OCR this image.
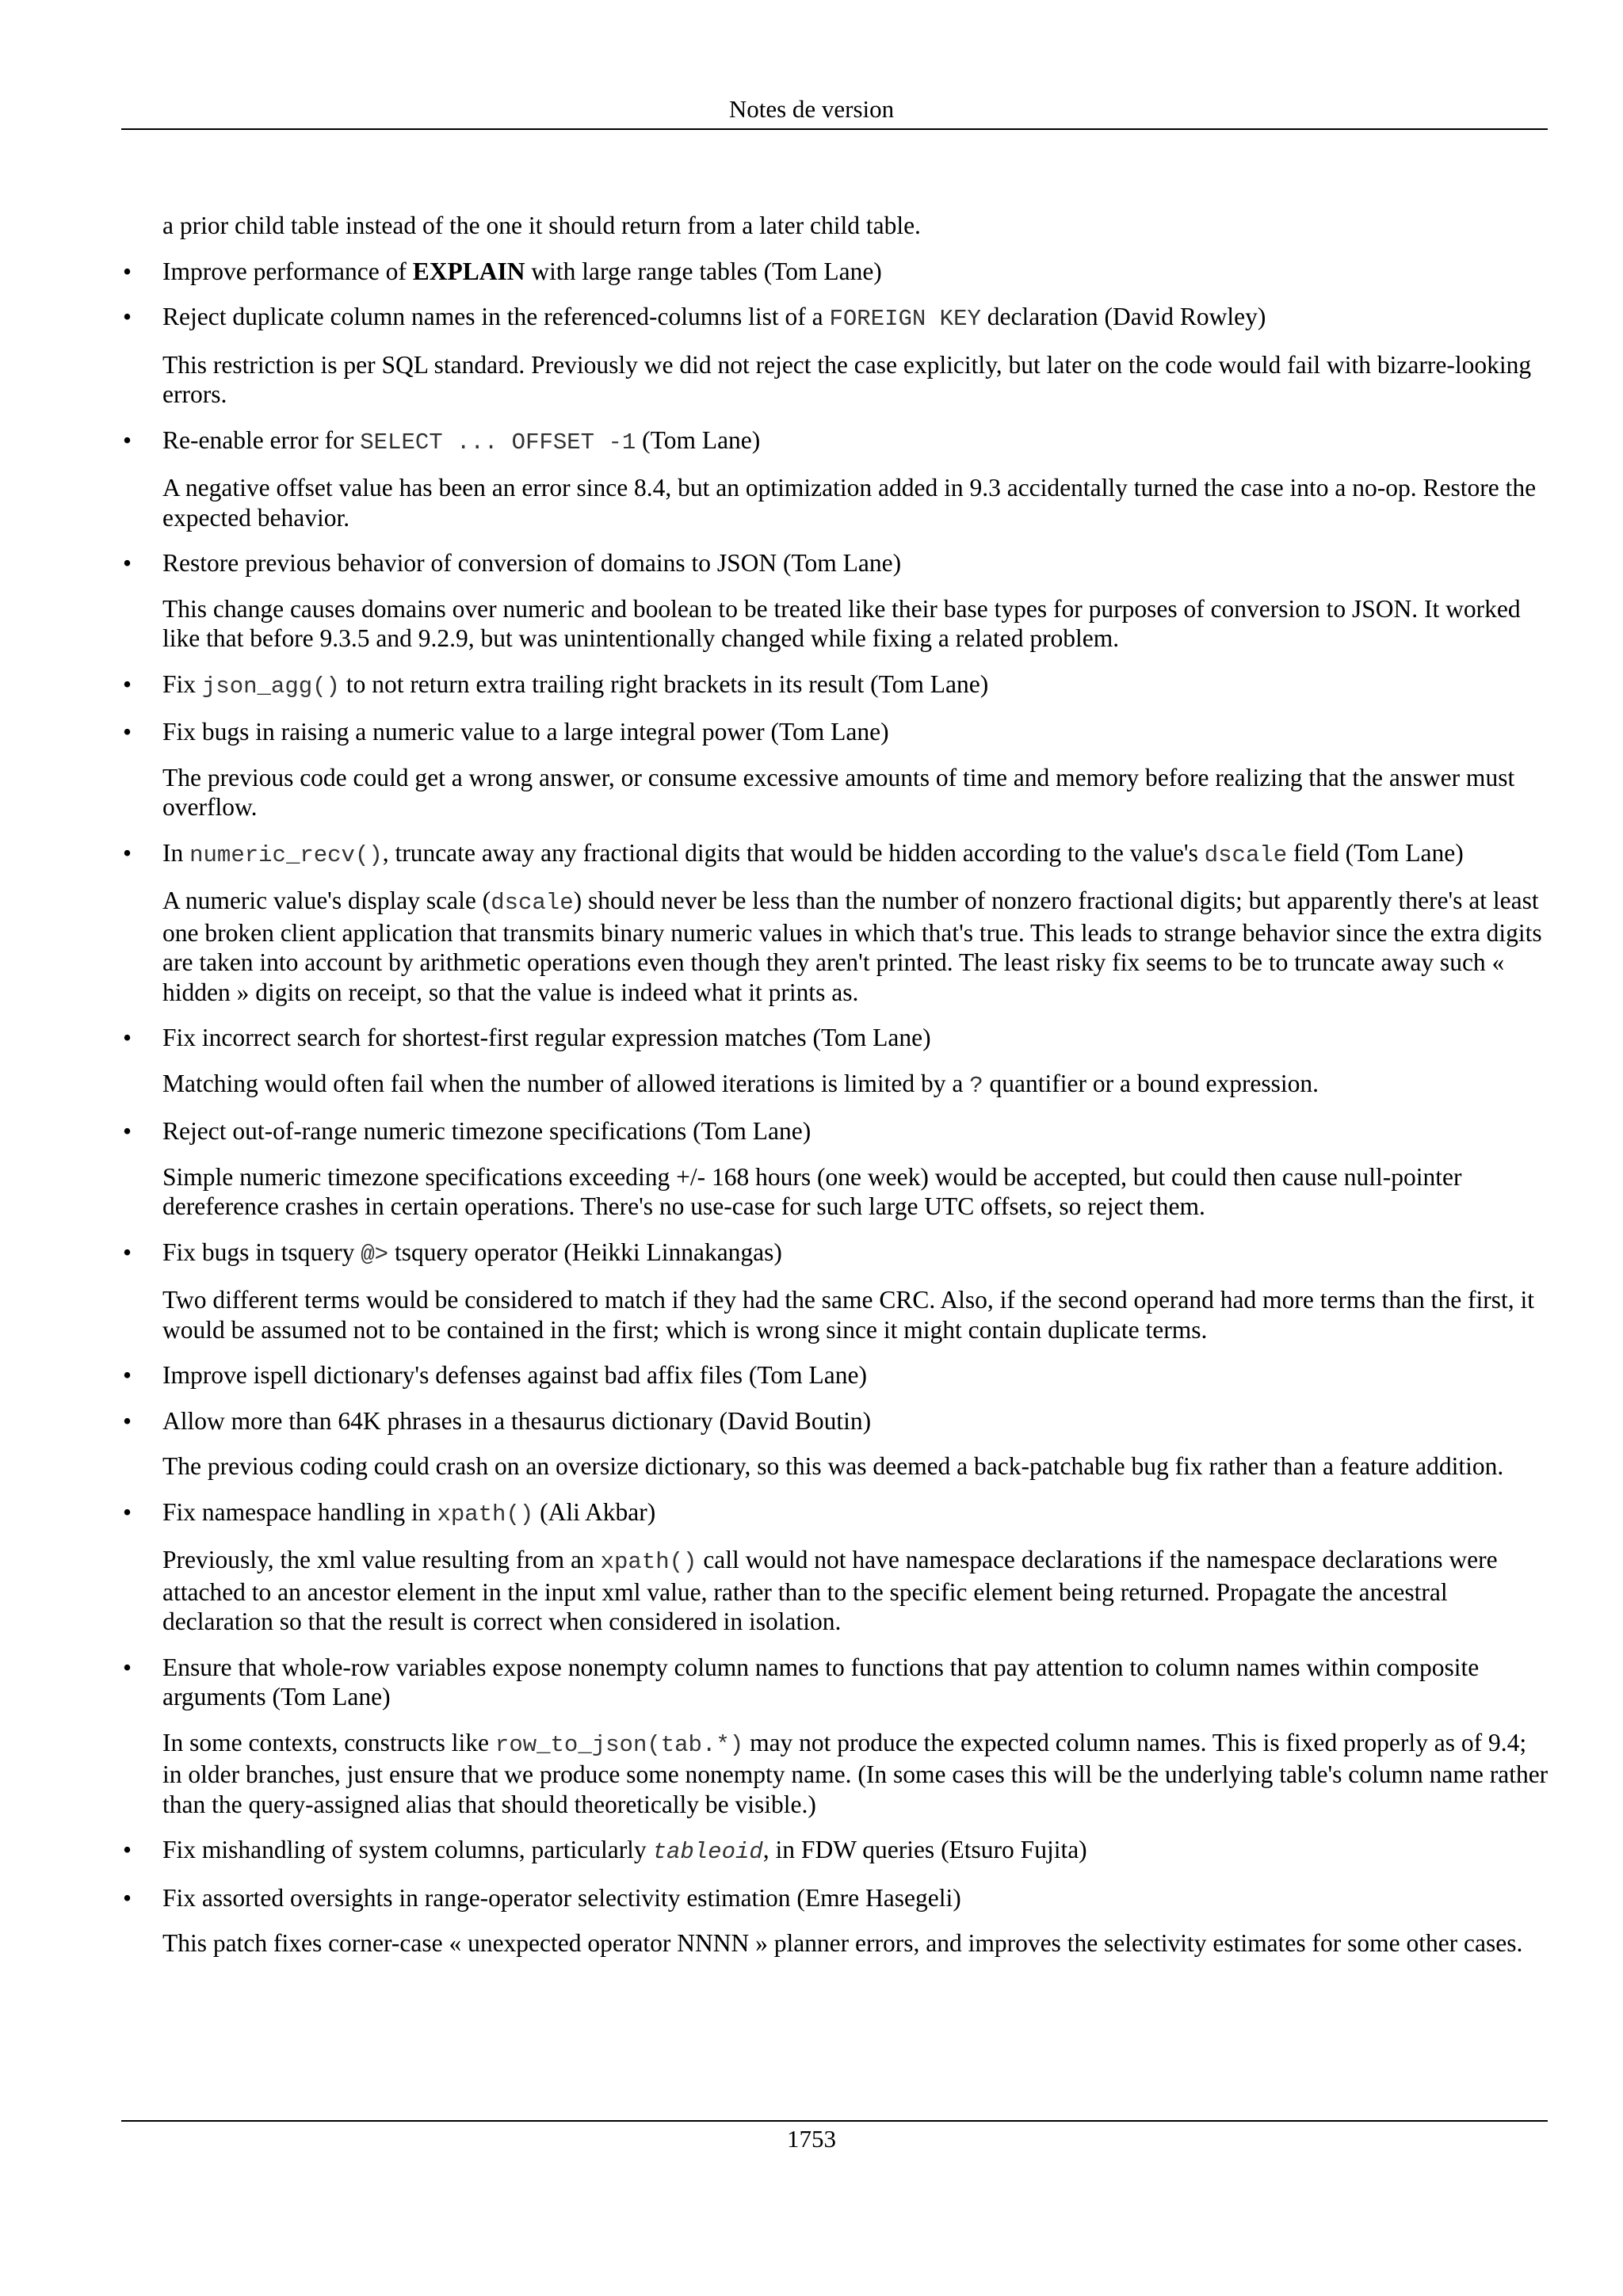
Notes de version

a prior child table instead of the one it should return from a later child table.

• Improve performance of EXPLAIN with large range tables (Tom Lane)

• Reject duplicate column names in the referenced-columns list of a FOREIGN KEY declaration (David Rowley)

This restriction is per SQL standard. Previously we did not reject the case explicitly, but later on the code would fail with bizarre-looking errors.

• Re-enable error for SELECT ... OFFSET -1 (Tom Lane)

A negative offset value has been an error since 8.4, but an optimization added in 9.3 accidentally turned the case into a no-op. Restore the expected behavior.

• Restore previous behavior of conversion of domains to JSON (Tom Lane)

This change causes domains over numeric and boolean to be treated like their base types for purposes of conversion to JSON. It worked like that before 9.3.5 and 9.2.9, but was unintentionally changed while fixing a related problem.

• Fix json_agg() to not return extra trailing right brackets in its result (Tom Lane)

• Fix bugs in raising a numeric value to a large integral power (Tom Lane)

The previous code could get a wrong answer, or consume excessive amounts of time and memory before realizing that the answer must overflow.

• In numeric_recv(), truncate away any fractional digits that would be hidden according to the value's dscale field (Tom Lane)

A numeric value's display scale (dscale) should never be less than the number of nonzero fractional digits; but apparently there's at least one broken client application that transmits binary numeric values in which that's true. This leads to strange behavior since the extra digits are taken into account by arithmetic operations even though they aren't printed. The least risky fix seems to be to truncate away such « hidden » digits on receipt, so that the value is indeed what it prints as.

• Fix incorrect search for shortest-first regular expression matches (Tom Lane)

Matching would often fail when the number of allowed iterations is limited by a ? quantifier or a bound expression.

• Reject out-of-range numeric timezone specifications (Tom Lane)

Simple numeric timezone specifications exceeding +/- 168 hours (one week) would be accepted, but could then cause null-pointer dereference crashes in certain operations. There's no use-case for such large UTC offsets, so reject them.

• Fix bugs in tsquery @> tsquery operator (Heikki Linnakangas)

Two different terms would be considered to match if they had the same CRC. Also, if the second operand had more terms than the first, it would be assumed not to be contained in the first; which is wrong since it might contain duplicate terms.

• Improve ispell dictionary's defenses against bad affix files (Tom Lane)

• Allow more than 64K phrases in a thesaurus dictionary (David Boutin)

The previous coding could crash on an oversize dictionary, so this was deemed a back-patchable bug fix rather than a feature addition.

• Fix namespace handling in xpath() (Ali Akbar)

Previously, the xml value resulting from an xpath() call would not have namespace declarations if the namespace declarations were attached to an ancestor element in the input xml value, rather than to the specific element being returned. Propagate the ancestral declaration so that the result is correct when considered in isolation.

• Ensure that whole-row variables expose nonempty column names to functions that pay attention to column names within composite arguments (Tom Lane)

In some contexts, constructs like row_to_json(tab.*) may not produce the expected column names. This is fixed properly as of 9.4; in older branches, just ensure that we produce some nonempty name. (In some cases this will be the underlying table's column name rather than the query-assigned alias that should theoretically be visible.)

• Fix mishandling of system columns, particularly tableoid, in FDW queries (Etsuro Fujita)

• Fix assorted oversights in range-operator selectivity estimation (Emre Hasegeli)

This patch fixes corner-case « unexpected operator NNNN » planner errors, and improves the selectivity estimates for some other cases.

1753
